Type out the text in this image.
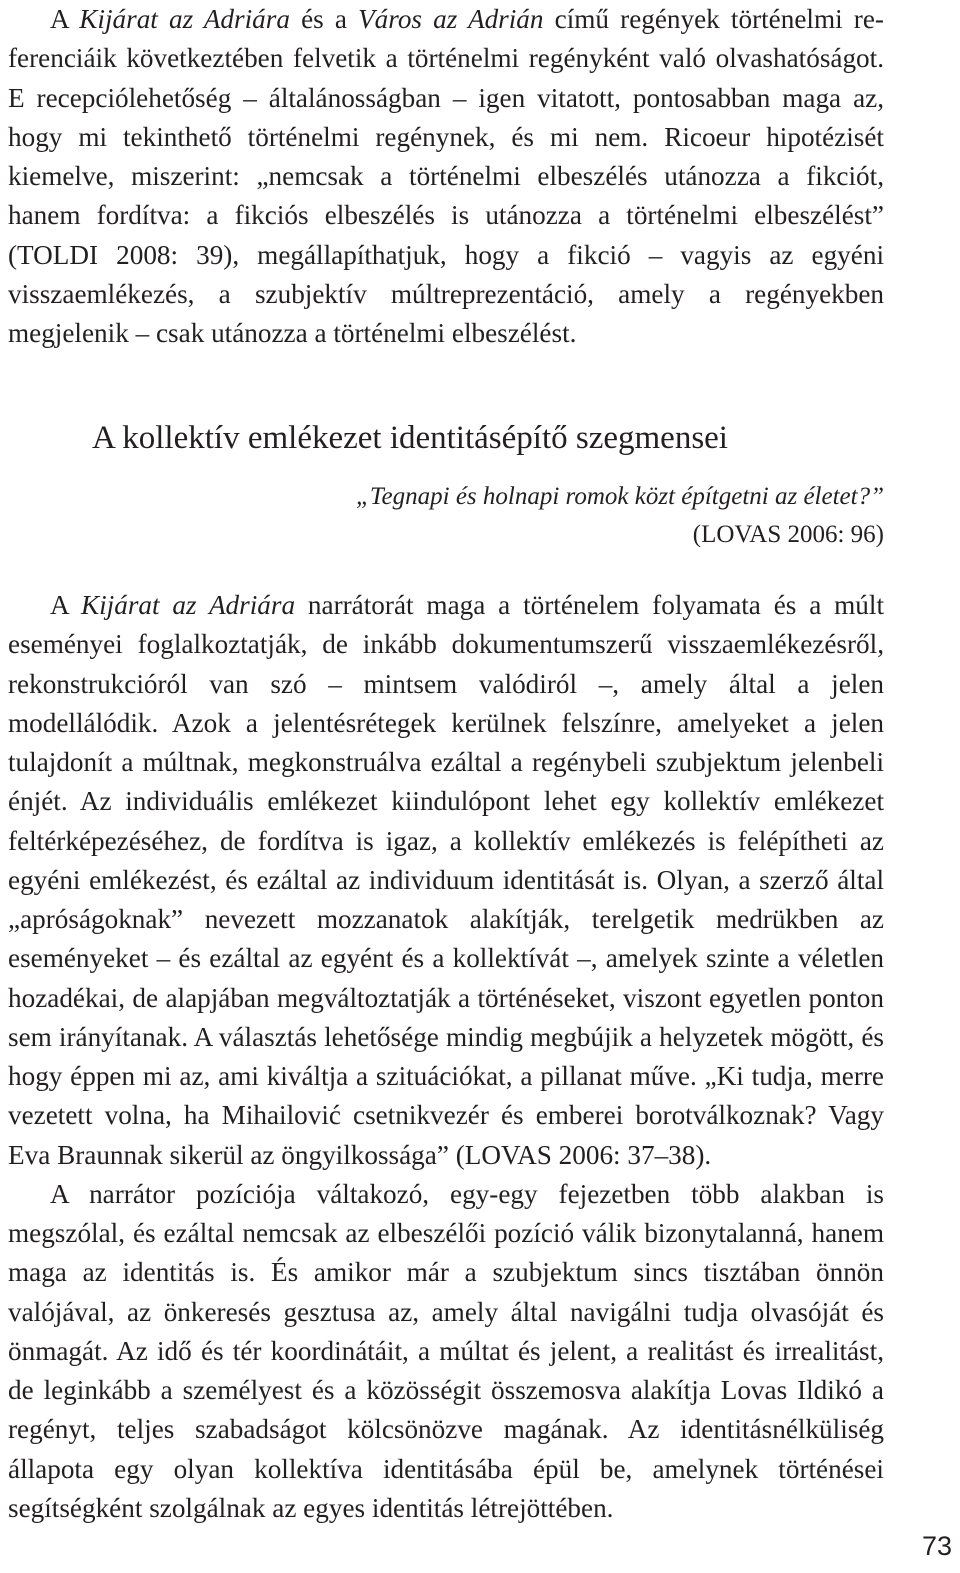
A Kijárat az Adriára és a Város az Adrián című regények történelmi referenciáik következtében felvetik a történelmi regényként való olvashatóságot. E recepciólehetőség – általánosságban – igen vitatott, pontosabban maga az, hogy mi tekinthető történelmi regénynek, és mi nem. Ricoeur hipotézisét kiemelve, miszerint: „nemcsak a történelmi elbeszélés utánozza a fikciót, hanem fordítva: a fikciós elbeszélés is utánozza a történelmi elbeszélést” (TOLDI 2008: 39), megállapíthatjuk, hogy a fikció – vagyis az egyéni visszaemlékezés, a szubjektív múltreprezentáció, amely a regényekben megjelenik – csak utánozza a történelmi elbeszélést.

A kollektív emlékezet identitásépítő szegmensei
„Tegnapi és holnapi romok közt építgetni az életet?”
(LOVAS 2006: 96)

A Kijárat az Adriára narrátorát maga a történelem folyamata és a múlt eseményei foglalkoztatják, de inkább dokumentumszerű visszaemlékezésről, rekonstrukcióról van szó – mintsem valódiról –, amely által a jelen modellálódik. Azok a jelentésrétegek kerülnek felszínre, amelyeket a jelen tulajdonít a múltnak, megkonstruálva ezáltal a regénybeli szubjektum jelenbeli énjét. Az individuális emlékezet kiindulópont lehet egy kollektív emlékezet feltérképezéséhez, de fordítva is igaz, a kollektív emlékezés is felépítheti az egyéni emlékezést, és ezáltal az individuum identitását is. Olyan, a szerző által „apróságoknak” nevezett mozzanatok alakítják, terelgetik medrükben az eseményeket – és ezáltal az egyént és a kollektívát –, amelyek szinte a véletlen hozadékai, de alapjában megváltoztatják a történéseket, viszont egyetlen ponton sem irányítanak. A választás lehetősége mindig megbújik a helyzetek mögött, és hogy éppen mi az, ami kiváltja a szituációkat, a pillanat műve. „Ki tudja, merre vezetett volna, ha Mihailović csetnikvezér és emberei borotválkoznak? Vagy Eva Braunnak sikerül az öngyilkossága” (LOVAS 2006: 37–38).

A narrátor pozíciója váltakozó, egy-egy fejezetben több alakban is megszólal, és ezáltal nemcsak az elbeszélői pozíció válik bizonytalanná, hanem maga az identitás is. És amikor már a szubjektum sincs tisztában önnön valójával, az önkeresés gesztusa az, amely által navigálni tudja olvasóját és önmagát. Az idő és tér koordinátáit, a múltat és jelent, a realitást és irrealitást, de leginkább a személyest és a közösségit összemosva alakítja Lovas Ildikó a regényt, teljes szabadságot kölcsönözve magának. Az identitásnélküliség állapota egy olyan kollektíva identitásába épül be, amelynek történései segítségként szolgálnak az egyes identitás létrejöttében.

73
